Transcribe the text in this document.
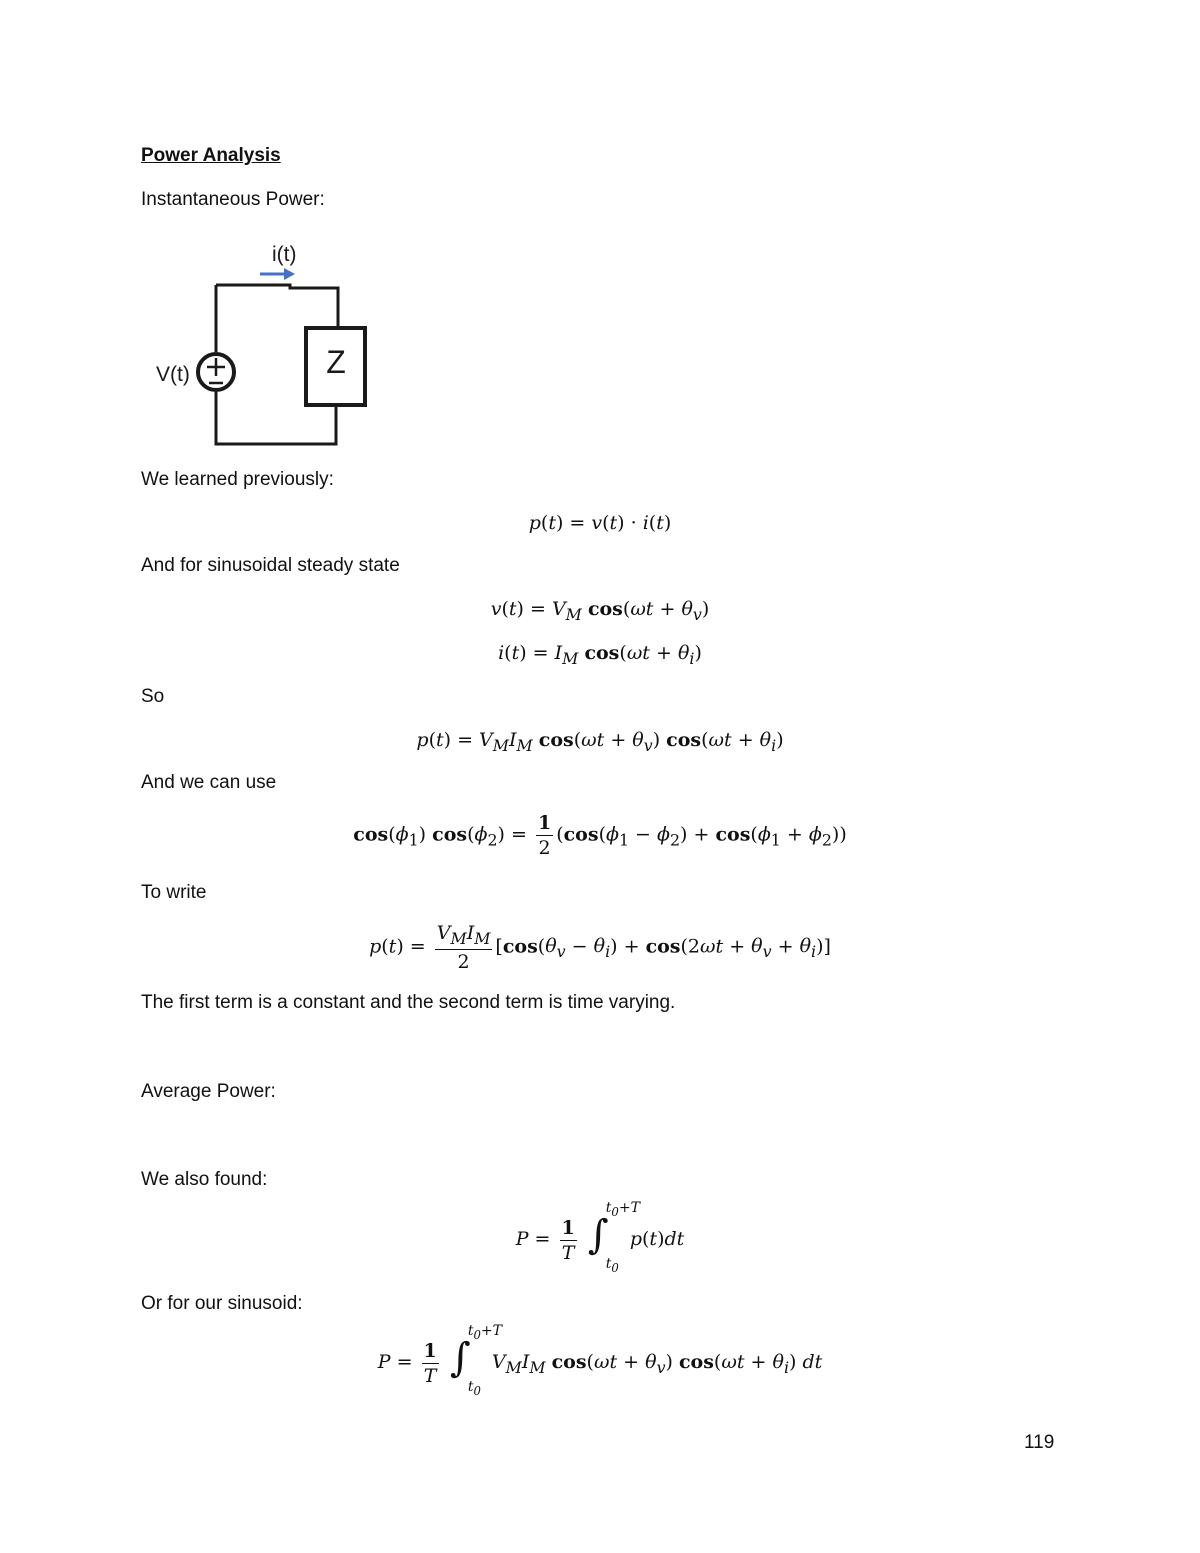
Power Analysis
Instantaneous Power:
Z
V(t)
i(t)
We learned previously:
p(t) = v(t) · i(t)
And for sinusoidal steady state
$v(t) = V_M$ $\cos(\omega t + \theta_v)$
$i(t) = I_M$ $\cos(\omega t + \theta_i)$
So
$p(t) = V_MI_M$ $\cos(\omega t + \theta_v)$ $\cos(\omega t + \theta_i)$
And we can use
$\cos(\phi_1) \cos(\phi_2) = \frac{1}{2} (\cos(\phi_1 - \phi_2) + \cos(\phi_1 + \phi_2))$
To write
$p(t) = \frac{V_MI_M}{2} [\cos(\theta_v - \theta_i) + \cos(2\omega t + \theta_v + \theta_i)]$
The first term is a constant and the second term is time varying.
Average Power:
We also found:
$P = \frac{1}{T}$
∫
$t_0+T$
$t_0$
p(t)dt
Or for our sinusoid:
$P = \frac{1}{T}$
∫
$t_0+T$
$t_0$
$V_MI_M$ $\cos(\omega t + \theta_v)$ $\cos(\omega t + \theta_i)$ dt
119
